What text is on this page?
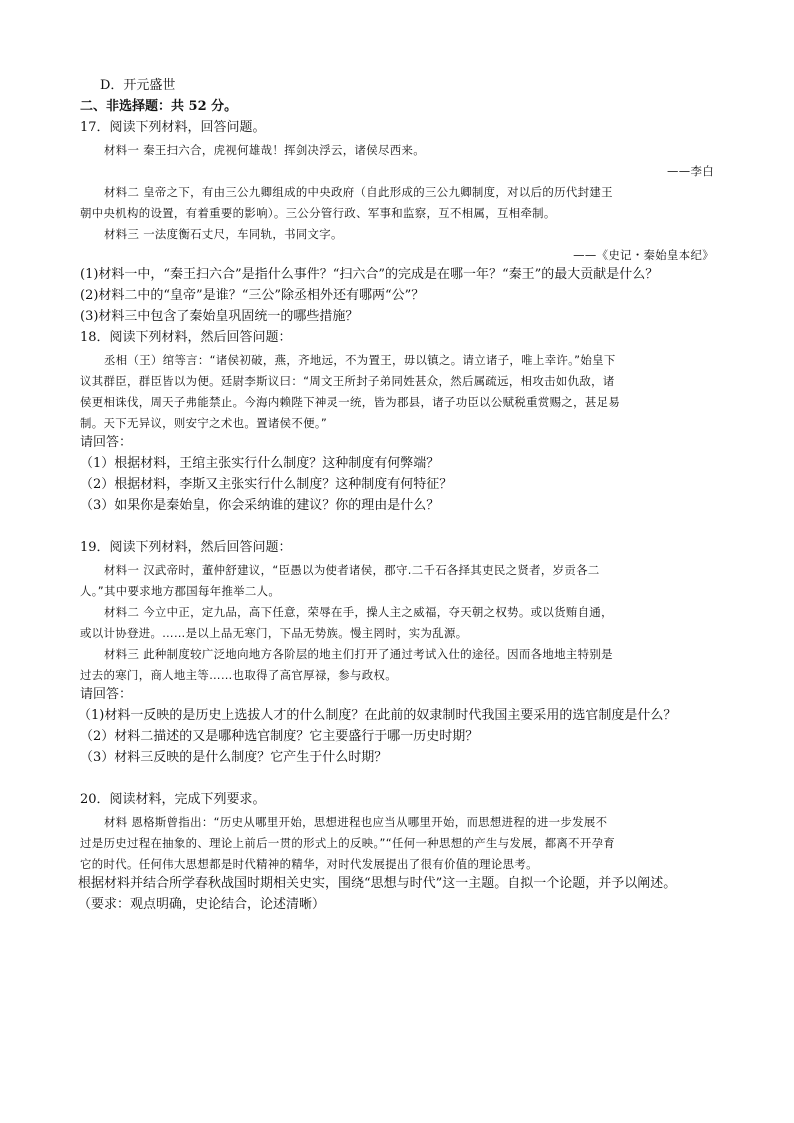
D．开元盛世
二、非选择题：共 52 分。
17．阅读下列材料，回答问题。
材料一 秦王扫六合，虎视何雄哉！挥剑决浮云，诸侯尽西来。
——李白
材料二 皇帝之下，有由三公九卿组成的中央政府（自此形成的三公九卿制度，对以后的历代封建王
朝中央机构的设置，有着重要的影响）。三公分管行政、军事和监察，互不相属，互相牵制。
材料三 一法度衡石丈尺，车同轨，书同文字。
——《史记・秦始皇本纪》
(1)材料一中，“秦王扫六合”是指什么事件？“扫六合”的完成是在哪一年？“秦王”的最大贡献是什么？
(2)材料二中的“皇帝”是谁？“三公”除丞相外还有哪两“公”？
(3)材料三中包含了秦始皇巩固统一的哪些措施？
18．阅读下列材料，然后回答问题：
丞相（王）绾等言：“诸侯初破，燕，齐地远，不为置王，毋以镇之。请立诸子，唯上幸许。”始皇下
议其群臣，群臣皆以为便。廷尉李斯议曰：“周文王所封子弟同姓甚众，然后属疏远，相攻击如仇敌，诸
侯更相诛伐，周天子弗能禁止。今海内赖陛下神灵一统，皆为郡县，诸子功臣以公赋税重赏赐之，甚足易
制。天下无异议，则安宁之术也。置诸侯不便。”
请回答：
（1）根据材料，王绾主张实行什么制度？这种制度有何弊端？
（2）根据材料，李斯又主张实行什么制度？这种制度有何特征？
（3）如果你是秦始皇，你会采纳谁的建议？你的理由是什么？
19．阅读下列材料，然后回答问题：
材料一 汉武帝时，董仲舒建议，“臣愚以为使者诸侯，郡守.二千石各择其吏民之贤者，岁贡各二
人。”其中要求地方郡国每年推举二人。
材料二 今立中正，定九品，高下任意，荣辱在手，操人主之威福，夺天朝之权势。或以货贿自通，
或以计协登进。……是以上品无寒门，下品无势族。慢主罔时，实为乱源。
材料三 此种制度较广泛地向地方各阶层的地主们打开了通过考试入仕的途径。因而各地地主特别是
过去的寒门，商人地主等……也取得了高官厚禄，参与政权。
请回答：
（1)材料一反映的是历史上选拔人才的什么制度？在此前的奴隶制时代我国主要采用的选官制度是什么？
（2）材料二描述的又是哪种选官制度？它主要盛行于哪一历史时期？
（3）材料三反映的是什么制度？它产生于什么时期？
20．阅读材料，完成下列要求。
材料 恩格斯曾指出：“历史从哪里开始，思想进程也应当从哪里开始，而思想进程的进一步发展不
过是历史过程在抽象的、理论上前后一贯的形式上的反映。”“任何一种思想的产生与发展，都离不开孕育
它的时代。任何伟大思想都是时代精神的精华，对时代发展提出了很有价值的理论思考。
根据材料并结合所学春秋战国时期相关史实，围绕“思想与时代”这一主题。自拟一个论题，并予以阐述。
（要求：观点明确，史论结合，论述清晰）
